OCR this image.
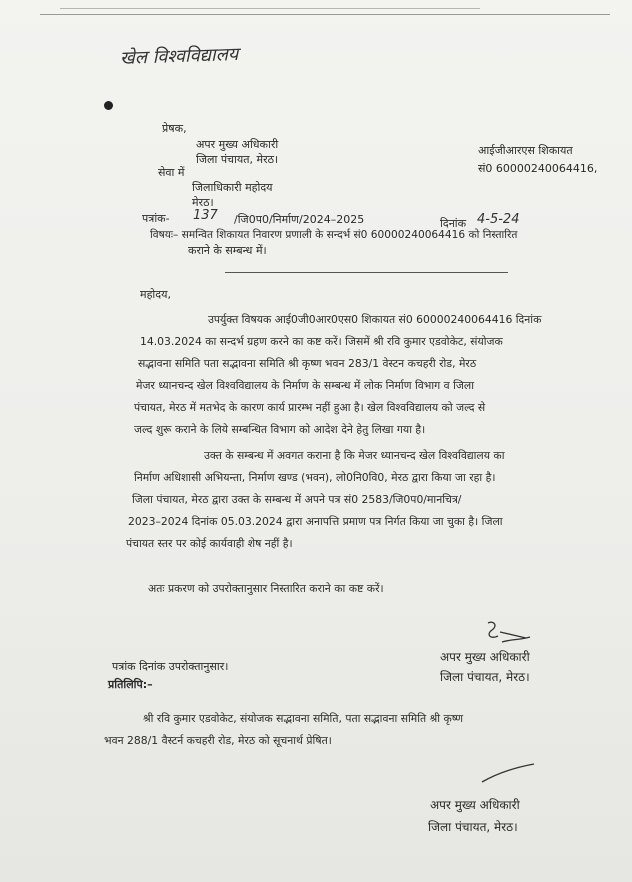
खेल विश्वविद्यालय
प्रेषक,
अपर मुख्य अधिकारी
जिला पंचायत, मेरठ।
आईजीआरएस शिकायत
सं0 60000240064416,
सेवा में
जिलाधिकारी महोदय
मेरठ।
पत्रांक- 137 /जि0प0/निर्माण/2024–2025	दिनांक 4-5-24
विषयः– समन्वित शिकायत निवारण प्रणाली के सन्दर्भ सं0 60000240064416 को निस्तारित
कराने के सम्बन्ध में।
महोदय,
उपर्युक्त विषयक आई0जी0आर0एस0 शिकायत सं0 60000240064416 दिनांक
14.03.2024 का सन्दर्भ ग्रहण करने का कष्ट करें। जिसमें श्री रवि कुमार एडवोकेट, संयोजक
सद्भावना समिति पता सद्भावना समिति श्री कृष्ण भवन 283/1 वेस्टन कचहरी रोड, मेरठ
मेजर ध्यानचन्द खेल विश्वविद्यालय के निर्माण के सम्बन्ध में लोक निर्माण विभाग व जिला
पंचायत, मेरठ में मतभेद के कारण कार्य प्रारम्भ नहीं हुआ है। खेल विश्वविद्यालय को जल्द से
जल्द शुरू कराने के लिये सम्बन्धित विभाग को आदेश देने हेतु लिखा गया है।
उक्त के सम्बन्ध में अवगत कराना है कि मेजर ध्यानचन्द खेल विश्वविद्यालय का
निर्माण अधिशासी अभियन्ता, निर्माण खण्ड (भवन), लो0नि0वि0, मेरठ द्वारा किया जा रहा है।
जिला पंचायत, मेरठ द्वारा उक्त के सम्बन्ध में अपने पत्र सं0 2583/जि0प0/मानचित्र/
2023–2024 दिनांक 05.03.2024 द्वारा अनापत्ति प्रमाण पत्र निर्गत किया जा चुका है। जिला
पंचायत स्तर पर कोई कार्यवाही शेष नहीं है।
अतः प्रकरण को उपरोक्तानुसार निस्तारित कराने का कष्ट करें।
अपर मुख्य अधिकारी
जिला पंचायत, मेरठ।
पत्रांक दिनांक उपरोक्तानुसार।
प्रतिलिपि:–
श्री रवि कुमार एडवोकेट, संयोजक सद्भावना समिति, पता सद्भावना समिति श्री कृष्ण
भवन 288/1 वैस्टर्न कचहरी रोड, मेरठ को सूचनार्थ प्रेषित।
अपर मुख्य अधिकारी
जिला पंचायत, मेरठ।
